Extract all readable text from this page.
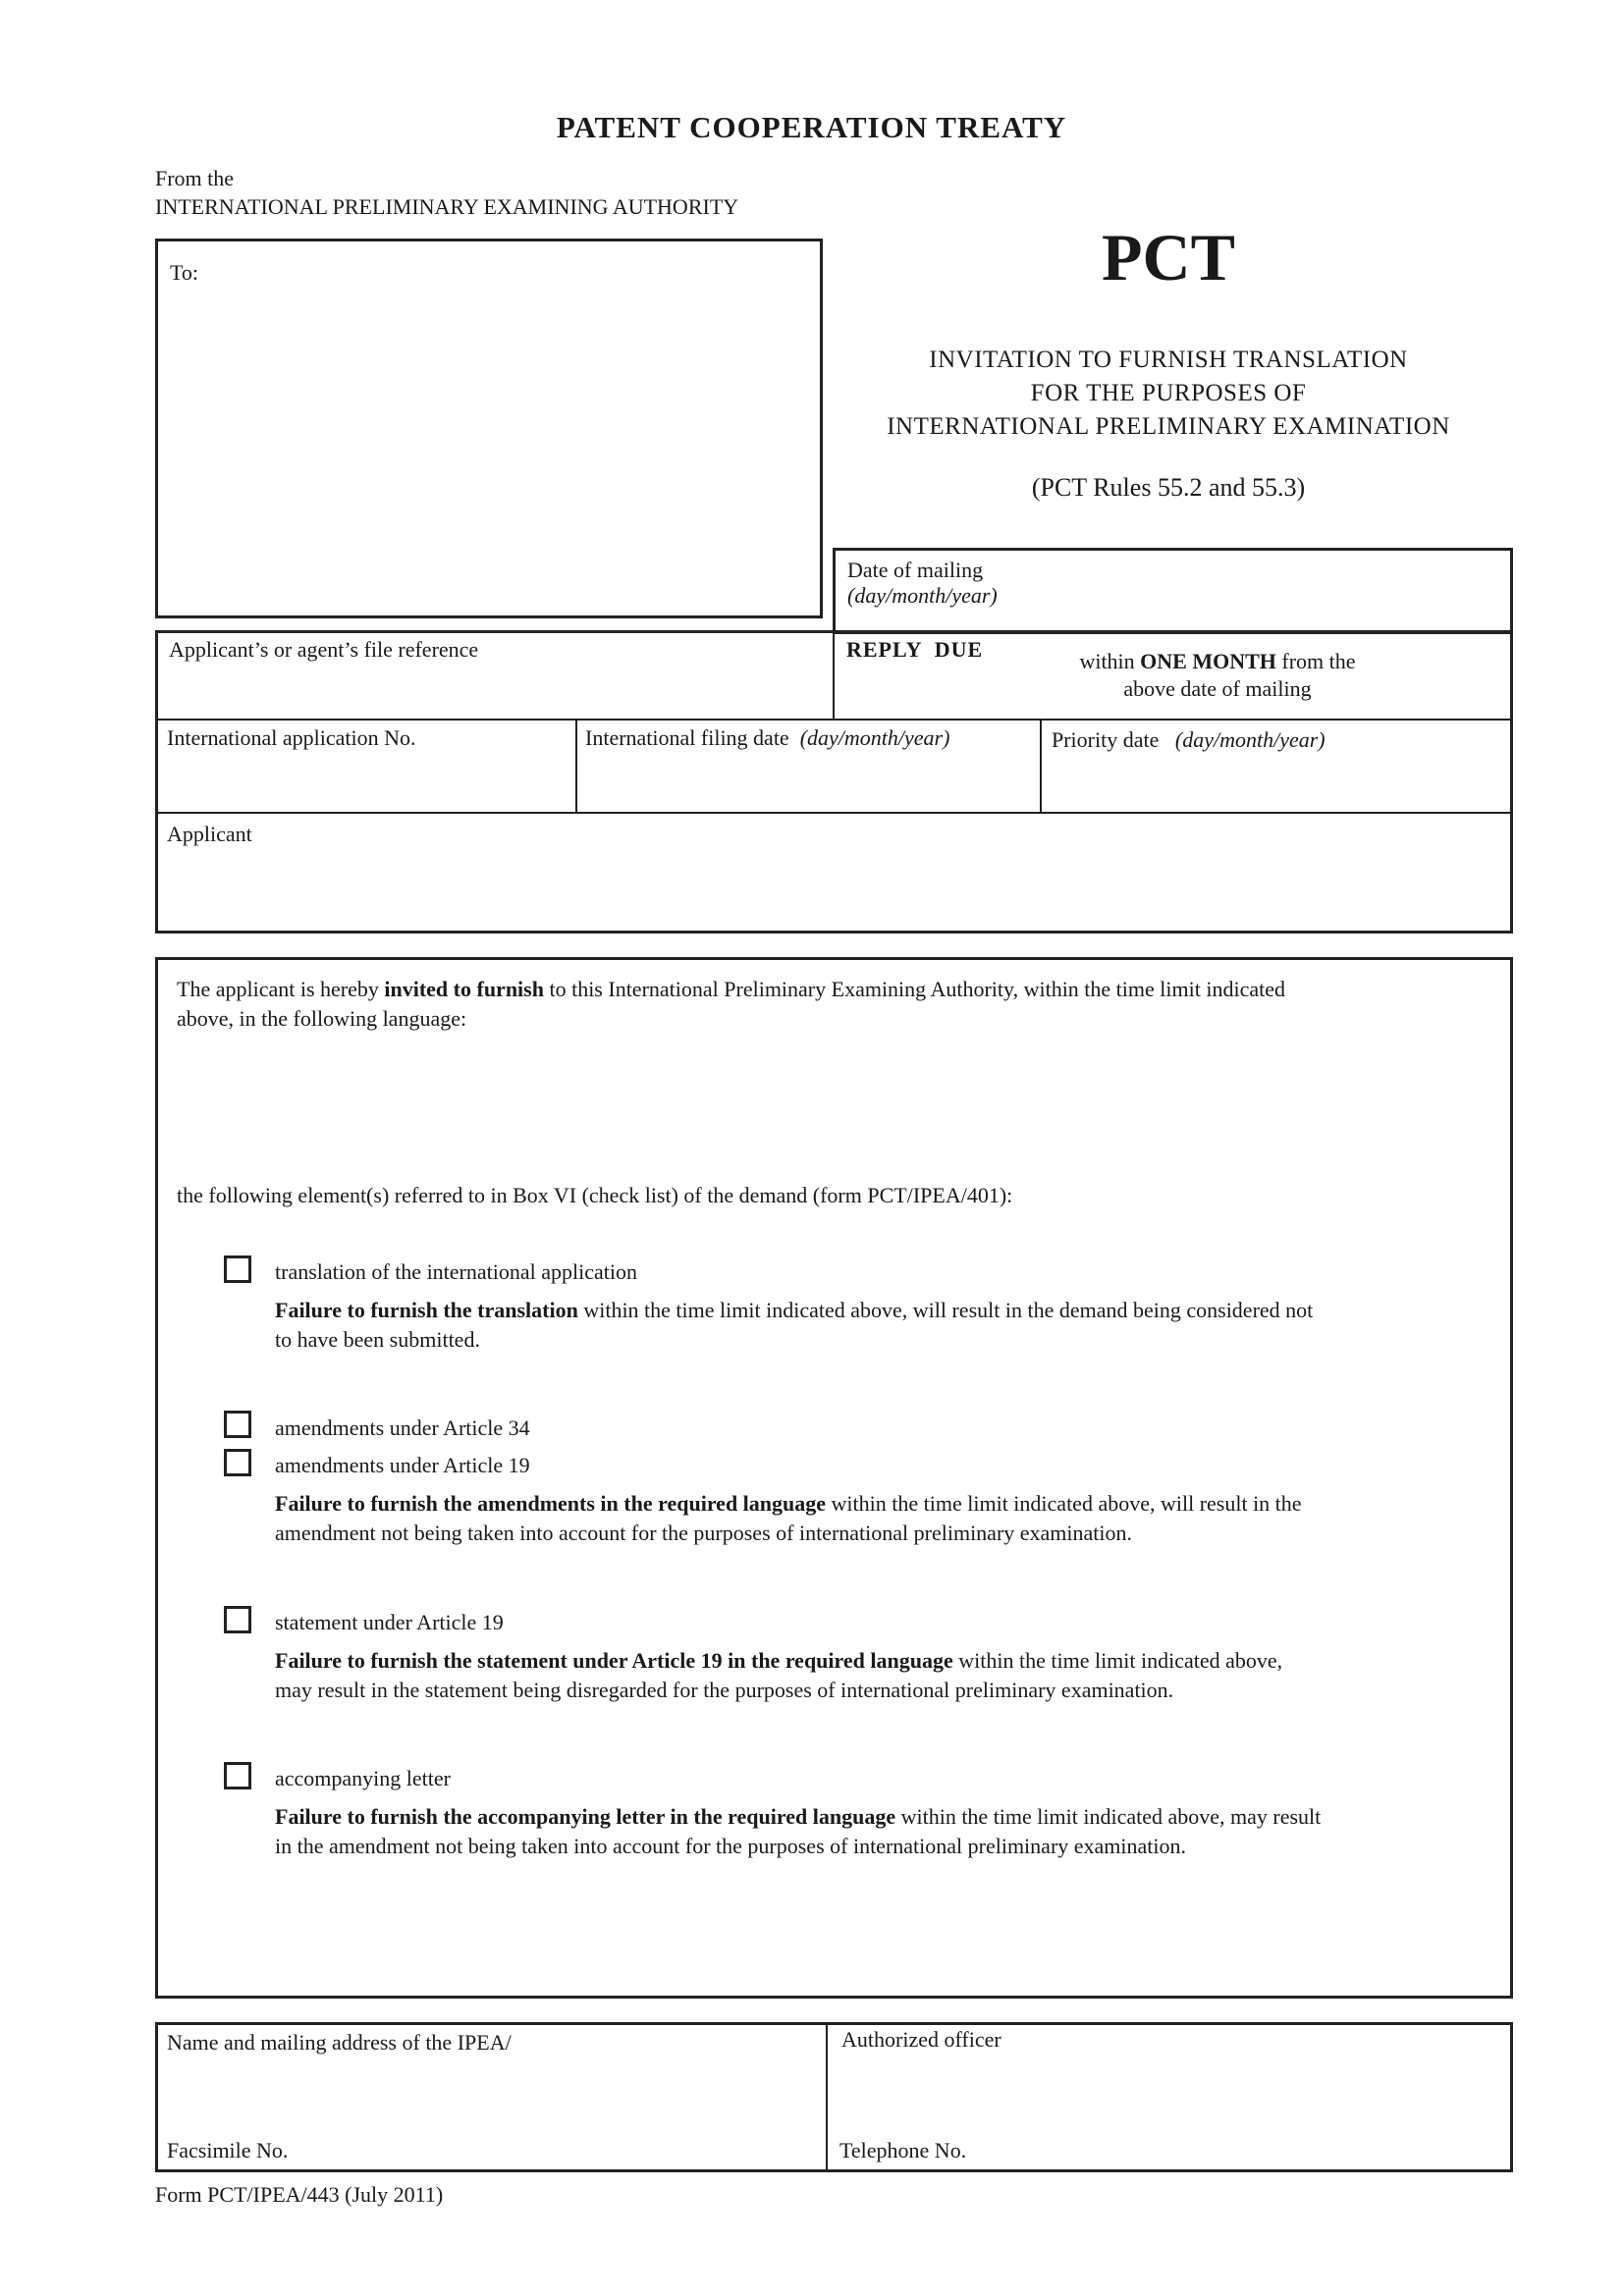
PATENT COOPERATION TREATY
From the
INTERNATIONAL PRELIMINARY EXAMINING AUTHORITY
PCT
INVITATION TO FURNISH TRANSLATION
FOR THE PURPOSES OF
INTERNATIONAL PRELIMINARY EXAMINATION
(PCT Rules 55.2 and 55.3)
To:
Date of mailing
(day/month/year)
Applicant’s or agent’s file reference	REPLY  DUE	within ONE MONTH from the
above date of mailing
International application No.	International filing date (day/month/year)	Priority date (day/month/year)
Applicant
The applicant is hereby invited to furnish to this International Preliminary Examining Authority, within the time limit indicated
above, in the following language:
the following element(s) referred to in Box VI (check list) of the demand (form PCT/IPEA/401):
translation of the international application
Failure to furnish the translation within the time limit indicated above, will result in the demand being considered not
to have been submitted.
amendments under Article 34
amendments under Article 19
Failure to furnish the amendments in the required language within the time limit indicated above, will result in the
amendment not being taken into account for the purposes of international preliminary examination.
statement under Article 19
Failure to furnish the statement under Article 19 in the required language within the time limit indicated above,
may result in the statement being disregarded for the purposes of international preliminary examination.
accompanying letter
Failure to furnish the accompanying letter in the required language within the time limit indicated above, may result
in the amendment not being taken into account for the purposes of international preliminary examination.
Name and mailing address of the IPEA/
Facsimile No.
Authorized officer
Telephone No.
Form PCT/IPEA/443 (July 2011)
